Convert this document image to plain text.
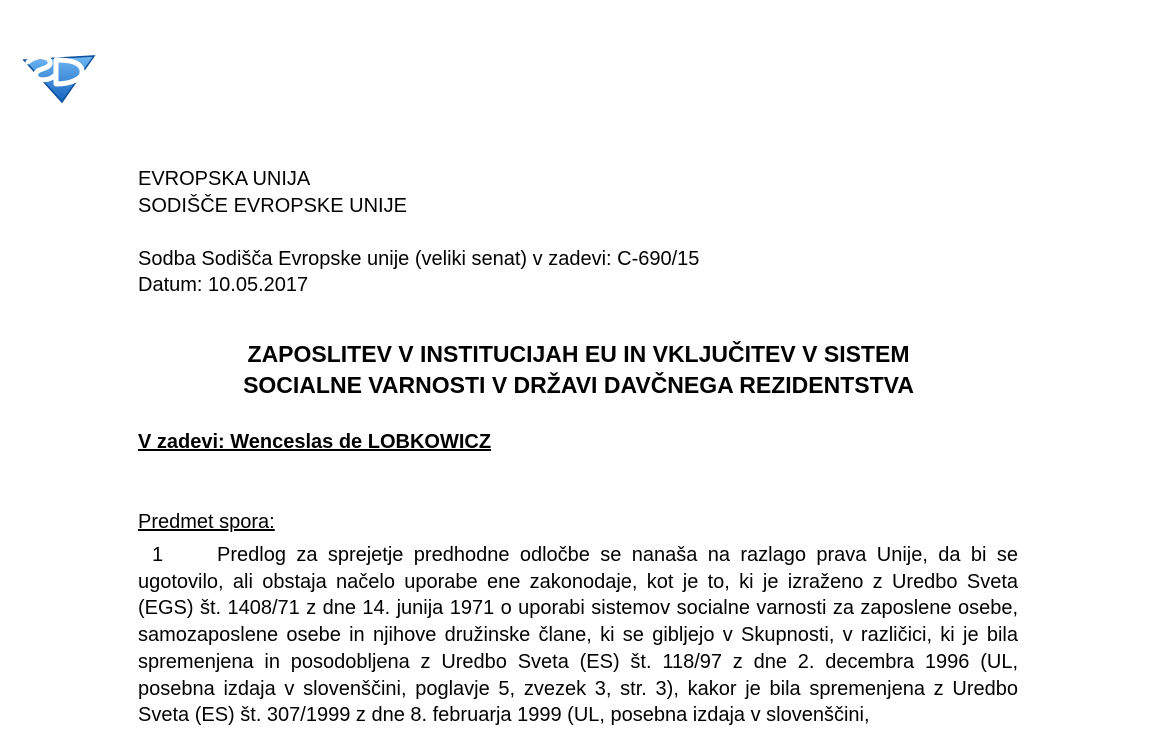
EVROPSKA UNIJA
SODIŠČE EVROPSKE UNIJE
Sodba Sodišča Evropske unije (veliki senat) v zadevi: C-690/15
Datum: 10.05.2017
ZAPOSLITEV V INSTITUCIJAH EU IN VKLJUČITEV V SISTEM
SOCIALNE VARNOSTI V DRŽAVI DAVČNEGA REZIDENTSTVA
V zadevi: Wenceslas de LOBKOWICZ
Predmet spora:
1	Predlog za sprejetje predhodne odločbe se nanaša na razlago prava Unije, da bi se ugotovilo, ali obstaja načelo uporabe ene zakonodaje, kot je to, ki je izraženo z Uredbo Sveta (EGS) št. 1408/71 z dne 14. junija 1971 o uporabi sistemov socialne varnosti za zaposlene osebe, samozaposlene osebe in njihove družinske člane, ki se gibljejo v Skupnosti, v različici, ki je bila spremenjena in posodobljena z Uredbo Sveta (ES) št. 118/97 z dne 2. decembra 1996 (UL, posebna izdaja v slovenščini, poglavje 5, zvezek 3, str. 3), kakor je bila spremenjena z Uredbo Sveta (ES) št. 307/1999 z dne 8. februarja 1999 (UL, posebna izdaja v slovenščini,
